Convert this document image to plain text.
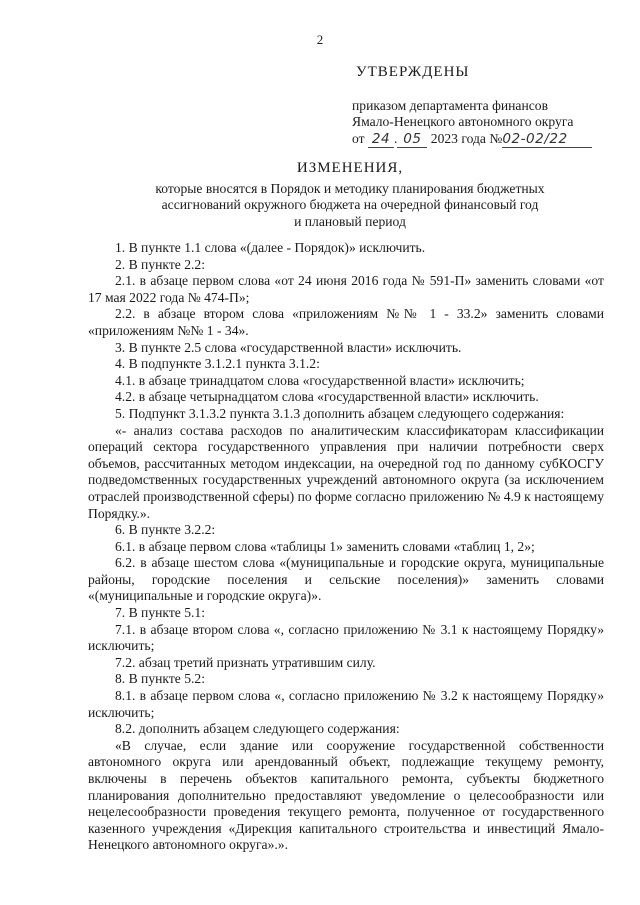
2
УТВЕРЖДЕНЫ
приказом департамента финансов
Ямало-Ненецкого автономного округа
от 24 . 05 2023 года №02-02/22
ИЗМЕНЕНИЯ,
которые вносятся в Порядок и методику планирования бюджетных
ассигнований окружного бюджета на очередной финансовый год
и плановый период

1. В пункте 1.1 слова «(далее - Порядок)» исключить.

2. В пункте 2.2:

2.1. в абзаце первом слова «от 24 июня 2016 года № 591-П» заменить словами «от 17 мая 2022 года № 474-П»;

2.2. в абзаце втором слова «приложениям №№ 1 - 33.2» заменить словами «приложениям №№ 1 - 34».

3. В пункте 2.5 слова «государственной власти» исключить.

4. В подпункте 3.1.2.1 пункта 3.1.2:

4.1. в абзаце тринадцатом слова «государственной власти» исключить;

4.2. в абзаце четырнадцатом слова «государственной власти» исключить.

5. Подпункт 3.1.3.2 пункта 3.1.3 дополнить абзацем следующего содержания:

«- анализ состава расходов по аналитическим классификаторам классификации операций сектора государственного управления при наличии потребности сверх объемов, рассчитанных методом индексации, на очередной год по данному субКОСГУ подведомственных государственных учреждений автономного округа (за исключением отраслей производственной сферы) по форме согласно приложению № 4.9 к настоящему Порядку.».

6. В пункте 3.2.2:

6.1. в абзаце первом слова «таблицы 1» заменить словами «таблиц 1, 2»;

6.2. в абзаце шестом слова «(муниципальные и городские округа, муниципальные районы, городские поселения и сельские поселения)» заменить словами «(муниципальные и городские округа)».

7. В пункте 5.1:

7.1. в абзаце втором слова «, согласно приложению № 3.1 к настоящему Порядку» исключить;

7.2. абзац третий признать утратившим силу.

8. В пункте 5.2:

8.1. в абзаце первом слова «, согласно приложению № 3.2 к настоящему Порядку» исключить;

8.2. дополнить абзацем следующего содержания:

«В случае, если здание или сооружение государственной собственности автономного округа или арендованный объект, подлежащие текущему ремонту, включены в перечень объектов капитального ремонта, субъекты бюджетного планирования дополнительно предоставляют уведомление о целесообразности или нецелесообразности проведения текущего ремонта, полученное от государственного казенного учреждения «Дирекция капитального строительства и инвестиций Ямало-Ненецкого автономного округа».».
